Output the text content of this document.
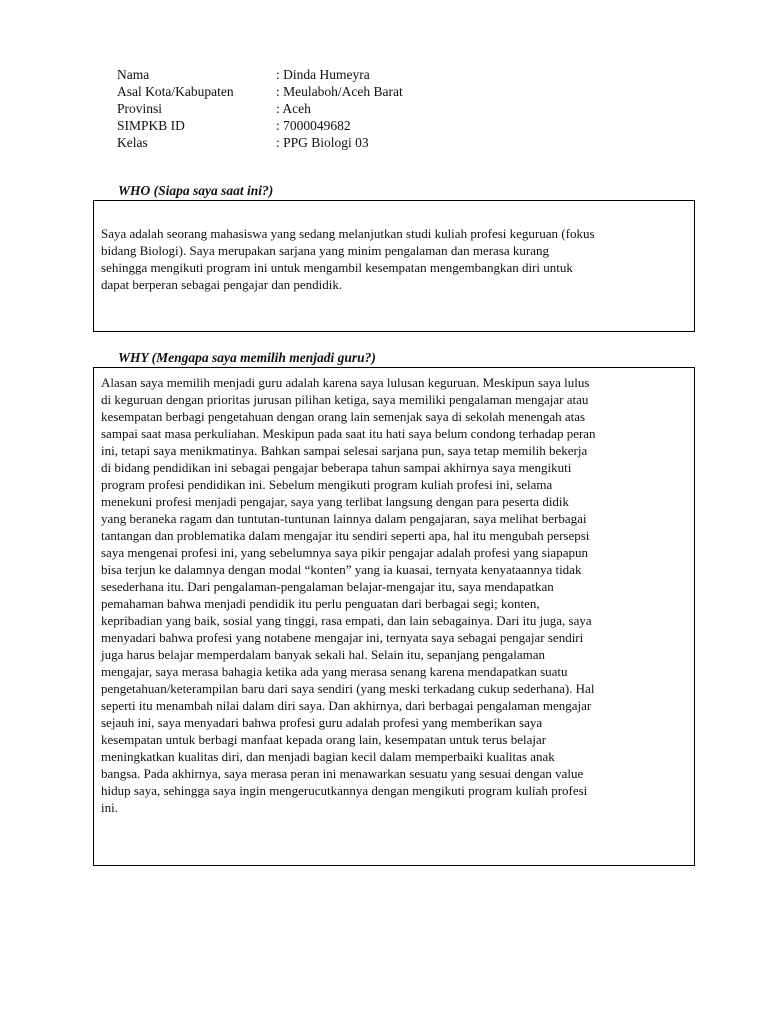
Nama	: Dinda Humeyra
Asal Kota/Kabupaten	: Meulaboh/Aceh Barat
Provinsi	: Aceh
SIMPKB ID	: 7000049682
Kelas	: PPG Biologi 03
WHO (Siapa saya saat ini?)
Saya adalah seorang mahasiswa yang sedang melanjutkan studi kuliah profesi keguruan (fokus
bidang Biologi). Saya merupakan sarjana yang minim pengalaman dan merasa kurang
sehingga mengikuti program ini untuk mengambil kesempatan mengembangkan diri untuk
dapat berperan sebagai pengajar dan pendidik.
WHY (Mengapa saya memilih menjadi guru?)
Alasan saya memilih menjadi guru adalah karena saya lulusan keguruan. Meskipun saya lulus
di keguruan dengan prioritas jurusan pilihan ketiga, saya memiliki pengalaman mengajar atau
kesempatan berbagi pengetahuan dengan orang lain semenjak saya di sekolah menengah atas
sampai saat masa perkuliahan. Meskipun pada saat itu hati saya belum condong terhadap peran
ini, tetapi saya menikmatinya. Bahkan sampai selesai sarjana pun, saya tetap memilih bekerja
di bidang pendidikan ini sebagai pengajar beberapa tahun sampai akhirnya saya mengikuti
program profesi pendidikan ini. Sebelum mengikuti program kuliah profesi ini, selama
menekuni profesi menjadi pengajar, saya yang terlibat langsung dengan para peserta didik
yang beraneka ragam dan tuntutan-tuntunan lainnya dalam pengajaran, saya melihat berbagai
tantangan dan problematika dalam mengajar itu sendiri seperti apa, hal itu mengubah persepsi
saya mengenai profesi ini, yang sebelumnya saya pikir pengajar adalah profesi yang siapapun
bisa terjun ke dalamnya dengan modal “konten” yang ia kuasai, ternyata kenyataannya tidak
sesederhana itu. Dari pengalaman-pengalaman belajar-mengajar itu, saya mendapatkan
pemahaman bahwa menjadi pendidik itu perlu penguatan dari berbagai segi; konten,
kepribadian yang baik, sosial yang tinggi, rasa empati, dan lain sebagainya. Dari itu juga, saya
menyadari bahwa profesi yang notabene mengajar ini, ternyata saya sebagai pengajar sendiri
juga harus belajar memperdalam banyak sekali hal. Selain itu, sepanjang pengalaman
mengajar, saya merasa bahagia ketika ada yang merasa senang karena mendapatkan suatu
pengetahuan/keterampilan baru dari saya sendiri (yang meski terkadang cukup sederhana). Hal
seperti itu menambah nilai dalam diri saya. Dan akhirnya, dari berbagai pengalaman mengajar
sejauh ini, saya menyadari bahwa profesi guru adalah profesi yang memberikan saya
kesempatan untuk berbagi manfaat kepada orang lain, kesempatan untuk terus belajar
meningkatkan kualitas diri, dan menjadi bagian kecil dalam memperbaiki kualitas anak
bangsa. Pada akhirnya, saya merasa peran ini menawarkan sesuatu yang sesuai dengan value
hidup saya, sehingga saya ingin mengerucutkannya dengan mengikuti program kuliah profesi
ini.
